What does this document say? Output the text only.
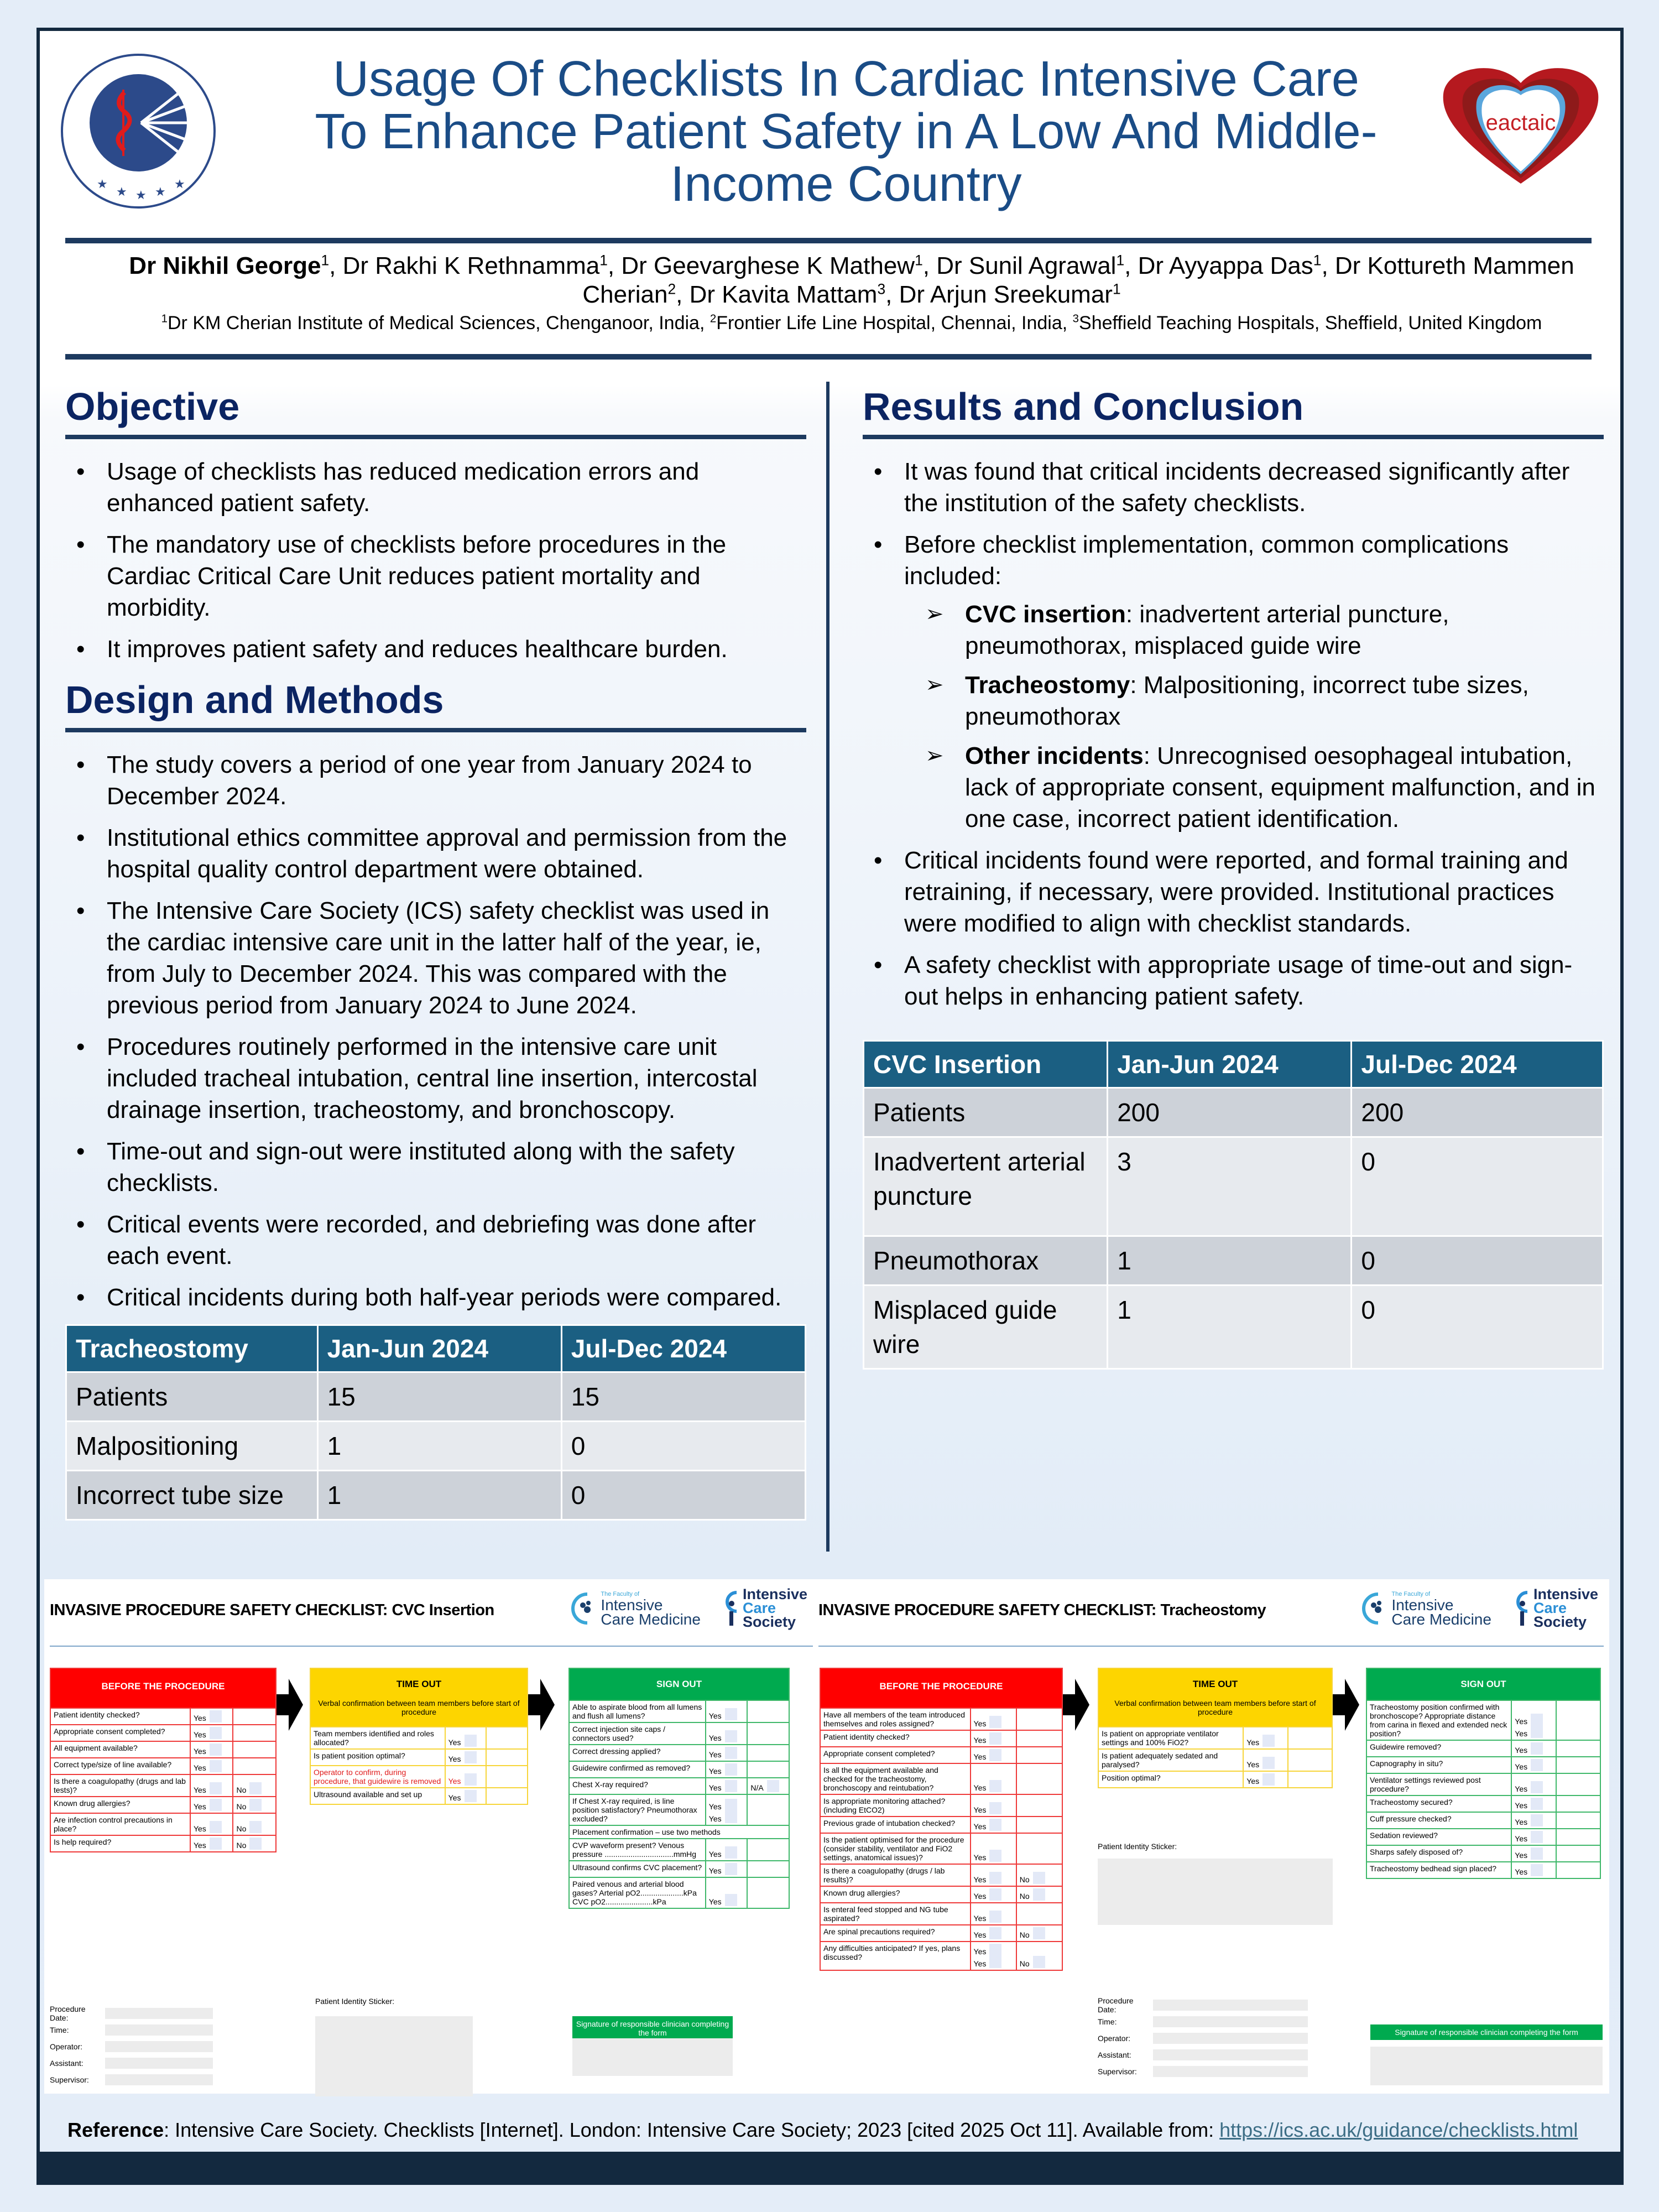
★
★ ★ ★
★
Usage Of Checklists In Cardiac Intensive Care
To Enhance Patient Safety in A Low And Middle-
Income Country
eactaic
Dr Nikhil George$^1$, Dr Rakhi K Rethnamma$^1$, Dr Geevarghese K Mathew$^1$, Dr Sunil Agrawal$^1$, Dr Ayyappa Das$^1$, Dr Kottureth Mammen Cherian$^2$, Dr Kavita Mattam$^3$, Dr Arjun Sreekumar$^1$
$^1$Dr KM Cherian Institute of Medical Sciences, Chenganoor, India, $^2$Frontier Life Line Hospital, Chennai, India, $^3$Sheffield Teaching Hospitals, Sheffield, United Kingdom
Objective
• Usage of checklists has reduced medication errors and enhanced patient safety.
• The mandatory use of checklists before procedures in the Cardiac Critical Care Unit reduces patient mortality and morbidity.
• It improves patient safety and reduces healthcare burden.
Design and Methods
• The study covers a period of one year from January 2024 to December 2024.
• Institutional ethics committee approval and permission from the hospital quality control department were obtained.
• The Intensive Care Society (ICS) safety checklist was used in the cardiac intensive care unit in the latter half of the year, ie, from July to December 2024. This was compared with the previous period from January 2024 to June 2024.
• Procedures routinely performed in the intensive care unit included tracheal intubation, central line insertion, intercostal drainage insertion, tracheostomy, and bronchoscopy.
• Time-out and sign-out were instituted along with the safety checklists.
• Critical events were recorded, and debriefing was done after each event.
• Critical incidents during both half-year periods were compared.
Tracheostomy	Jan-Jun 2024	Jul-Dec 2024
Patients	15	15
Malpositioning	1	0
Incorrect tube size	1	0
Results and Conclusion
• It was found that critical incidents decreased significantly after the institution of the safety checklists.
• Before checklist implementation, common complications included:
➢ CVC insertion: inadvertent arterial puncture, pneumothorax, misplaced guide wire
➢ Tracheostomy: Malpositioning, incorrect tube sizes, pneumothorax
➢ Other incidents: Unrecognised oesophageal intubation, lack of appropriate consent, equipment malfunction, and in one case, incorrect patient identification.
• Critical incidents found were reported, and formal training and retraining, if necessary, were provided. Institutional practices were modified to align with checklist standards.
• A safety checklist with appropriate usage of time-out and sign-out helps in enhancing patient safety.
CVC Insertion	Jan-Jun 2024	Jul-Dec 2024
Patients	200	200
Inadvertent arterial puncture	3	0
Pneumothorax	1	0
Misplaced guide wire	1	0
INVASIVE PROCEDURE SAFETY CHECKLIST: CVC Insertion
The Faculty of
Intensive
Care Medicine
Intensive
Care
Society
BEFORE THE PROCEDURE		
Patient identity checked?	Yes	
Appropriate consent completed?	Yes	
All equipment available?	Yes	
Correct type/size of line available?	Yes	
Is there a coagulopathy (drugs and lab tests)?	Yes	No
Known drug allergies?	Yes	No
Are infection control precautions in place?	Yes	No
Is help required?	Yes	No
TIME OUT
Verbal confirmation between team members before start of procedure		

Team members identified and roles allocated?	Yes	
Is patient position optimal?	Yes	
Operator to confirm, during procedure, that guidewire is removed	Yes	
Ultrasound available and set up	Yes	
SIGN OUT		
Able to aspirate blood from all lumens and flush all lumens?	Yes	
Correct injection site caps / connectors used?	Yes	
Correct dressing applied?	Yes	
Guidewire confirmed as removed?	Yes	
Chest X-ray required?	Yes	N/A
If Chest X-ray required, is line position satisfactory? Pneumothorax excluded?	Yes
Yes	
Placement confirmation – use two methods		
CVP waveform present? Venous pressure ................................mmHg	Yes	
Ultrasound confirms CVC placement?	Yes	
Paired venous and arterial blood gases? Arterial pO2....................kPa CVC pO2......................kPa	Yes	
Procedure Date:
Time:
Operator:
Assistant:
Supervisor:
Patient Identity Sticker:
Signature of responsible clinician completing the form
INVASIVE PROCEDURE SAFETY CHECKLIST: Tracheostomy
The Faculty of
Intensive
Care Medicine
Intensive
Care
Society
BEFORE THE PROCEDURE		
Have all members of the team introduced themselves and roles assigned?	Yes	
Patient identity checked?	Yes	
Appropriate consent completed?	Yes	
Is all the equipment available and checked for the tracheostomy, bronchoscopy and reintubation?	Yes	
Is appropriate monitoring attached? (including EtCO2)	Yes	
Previous grade of intubation checked?	Yes	
Is the patient optimised for the procedure (consider stability, ventilator and FiO2 settings, anatomical issues)?	Yes	
Is there a coagulopathy (drugs / lab results)?	Yes	No
Known drug allergies?	Yes	No
Is enteral feed stopped and NG tube aspirated?	Yes	
Are spinal precautions required?	Yes	No
Any difficulties anticipated? If yes, plans discussed?	Yes
Yes	No
TIME OUT
Verbal confirmation between team members before start of procedure		

Is patient on appropriate ventilator settings and 100% FiO2?	Yes	
Is patient adequately sedated and paralysed?	Yes	
Position optimal?	Yes	
SIGN OUT		
Tracheostomy position confirmed with bronchoscope? Appropriate distance from carina in flexed and extended neck position?	Yes
Yes	
Guidewire removed?	Yes	
Capnography in situ?	Yes	
Ventilator settings reviewed post procedure?	Yes	
Tracheostomy secured?	Yes	
Cuff pressure checked?	Yes	
Sedation reviewed?	Yes	
Sharps safely disposed of?	Yes	
Tracheostomy bedhead sign placed?	Yes	
Patient Identity Sticker:
Procedure Date:
Time:
Operator:
Assistant:
Supervisor:
Signature of responsible clinician completing the form
Reference: Intensive Care Society. Checklists [Internet]. London: Intensive Care Society; 2023 [cited 2025 Oct 11]. Available from: https://ics.ac.uk/guidance/checklists.html
